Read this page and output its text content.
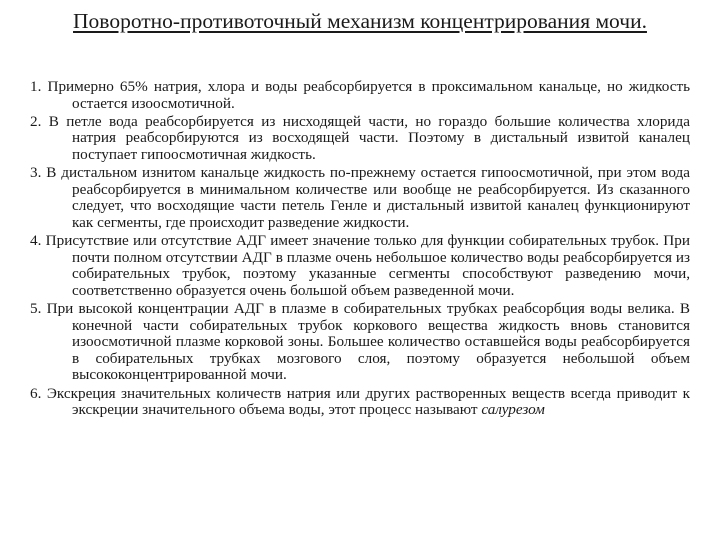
Поворотно-противоточный механизм концентрирования мочи.

1. Примерно 65% натрия, хлора и воды реабсорбируется в проксимальном канальце, но жидкость остается изоосмотичной.

2. В петле вода реабсорбируется из нисходящей части, но гораздо большие количества хлорида натрия реабсорбируются из восходящей части. Поэтому в дистальный извитой каналец поступает гипоосмотичная жидкость.

3. В дистальном изнитом канальце жидкость по-прежнему остается гипоосмотичной, при этом вода реабсорбируется в минимальном количестве или вообще не реабсорбируется. Из сказанного следует, что восходящие части петель Генле и дистальный извитой каналец функционируют как сегменты, где происходит разведение жидкости.

4. Присутствие или отсутствие АДГ имеет значение только для функции собирательных трубок. При почти полном отсутствии АДГ в плазме очень небольшое количество воды реабсорбируется из собирательных трубок, поэтому указанные сегменты способствуют разведению мочи, соответственно образуется очень большой объем разведенной мочи.

5. При высокой концентрации АДГ в плазме в собирательных трубках реабсорбция воды велика. В конечной части собирательных трубок коркового вещества жидкость вновь становится изоосмотичной плазме корковой зоны. Большее количество оставшейся воды реабсорбируется в собирательных трубках мозгового слоя, поэтому образуется небольшой объем высококонцентрированной мочи.

6. Экскреция значительных количеств натрия или других растворенных веществ всегда приводит к экскреции значительного объема воды, этот процесс называют салурезом
